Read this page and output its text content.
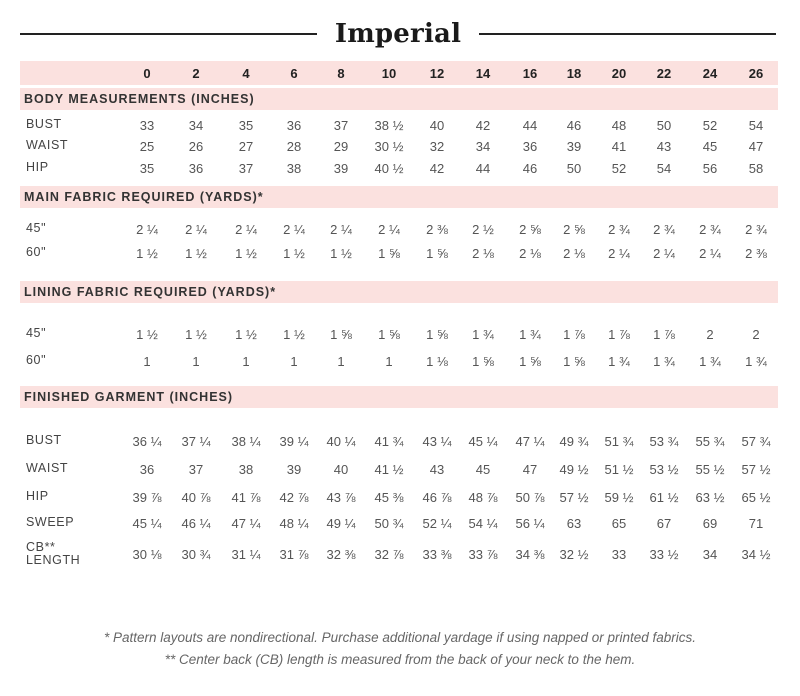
Imperial
0	2	4	6	8	10	12	14	16	18	20	22	24	26
BODY MEASUREMENTS (INCHES)
BUST	33	34	35	36	37	38 ½	40	42	44	46	48	50	52	54
WAIST	25	26	27	28	29	30 ½	32	34	36	39	41	43	45	47
HIP	35	36	37	38	39	40 ½	42	44	46	50	52	54	56	58
MAIN FABRIC REQUIRED (YARDS)*
45"	2 ¼	2 ¼	2 ¼	2 ¼	2 ¼	2 ¼	2 ⅜	2 ½	2 ⅝	2 ⅝	2 ¾	2 ¾	2 ¾	2 ¾
60"	1 ½	1 ½	1 ½	1 ½	1 ½	1 ⅝	1 ⅝	2 ⅛	2 ⅛	2 ⅛	2 ¼	2 ¼	2 ¼	2 ⅜
LINING FABRIC REQUIRED (YARDS)*
45"	1 ½	1 ½	1 ½	1 ½	1 ⅝	1 ⅝	1 ⅝	1 ¾	1 ¾	1 ⅞	1 ⅞	1 ⅞	2	2
60"	1	1	1	1	1	1	1 ⅛	1 ⅝	1 ⅝	1 ⅝	1 ¾	1 ¾	1 ¾	1 ¾
FINISHED GARMENT (INCHES)
BUST	36 ¼	37 ¼	38 ¼	39 ¼	40 ¼	41 ¾	43 ¼	45 ¼	47 ¼	49 ¾	51 ¾	53 ¾	55 ¾	57 ¾
WAIST	36	37	38	39	40	41 ½	43	45	47	49 ½	51 ½	53 ½	55 ½	57 ½
HIP	39 ⅞	40 ⅞	41 ⅞	42 ⅞	43 ⅞	45 ⅜	46 ⅞	48 ⅞	50 ⅞	57 ½	59 ½	61 ½	63 ½	65 ½
SWEEP	45 ¼	46 ¼	47 ¼	48 ¼	49 ¼	50 ¾	52 ¼	54 ¼	56 ¼	63	65	67	69	71
CB**
LENGTH	30 ⅛	30 ¾	31 ¼	31 ⅞	32 ⅜	32 ⅞	33 ⅜	33 ⅞	34 ⅜	32 ½	33	33 ½	34	34 ½
* Pattern layouts are nondirectional. Purchase additional yardage if using napped or printed fabrics.
** Center back (CB) length is measured from the back of your neck to the hem.
